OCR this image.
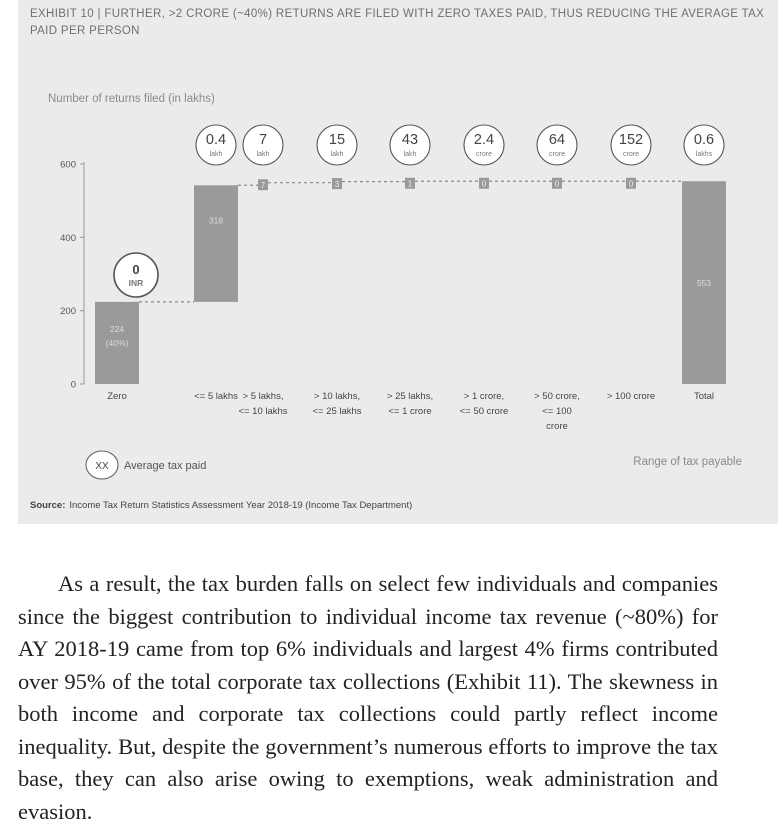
EXHIBIT 10 | FURTHER, >2 CRORE (~40%) RETURNS ARE FILED WITH ZERO TAXES PAID, THUS REDUCING THE AVERAGE TAX PAID PER PERSON
Number of returns filed (in lakhs)
0
200
400
600
224
(40%)
318
7	3	1	0	0	0
553
Zero	<= 5 lakhs > 5 lakhs,
<= 10 lakhs
> 10 lakhs,
<= 25 lakhs
> 25 lakhs,
<= 1 crore
> 1 crore,
<= 50 crore
> 50 crore,
<= 100
crore
> 100 crore	Total
0
INR
0.4
lakh
7
lakh
15
lakh
43
lakh
2.4
crore
64
crore
152
crore
0.6
lakhs
XX Average tax paid	Range of tax payable
Source: Income Tax Return Statistics Assessment Year 2018-19 (Income Tax Department)

As a result, the tax burden falls on select few individuals and companies since the biggest contribution to individual income tax revenue (~80%) for AY 2018-19 came from top 6% individuals and largest 4% firms contributed over 95% of the total corporate tax collections (Exhibit 11). The skewness in both income and corporate tax collections could partly reflect income inequality. But, despite the government’s numerous efforts to improve the tax base, they can also arise owing to exemptions, weak administration and evasion.
